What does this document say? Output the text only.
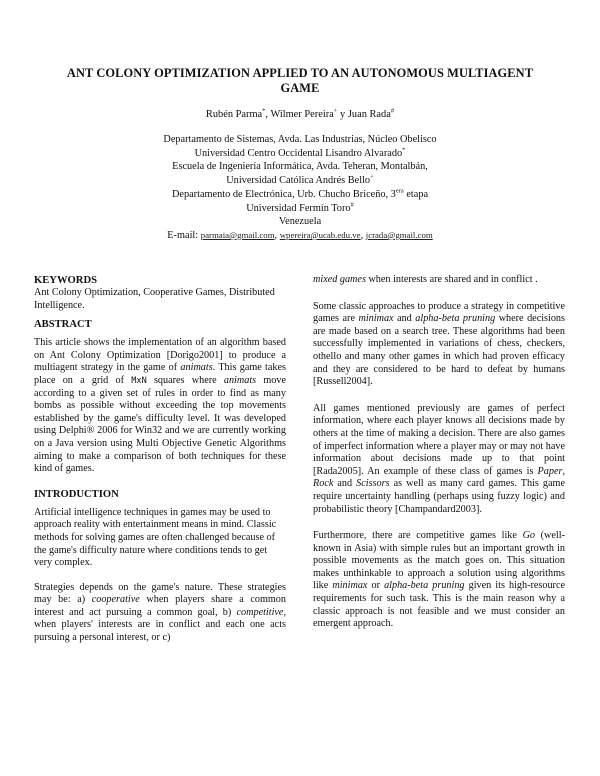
ANT COLONY OPTIMIZATION APPLIED TO AN AUTONOMOUS MULTIAGENT
GAME
Rubén Parma*, Wilmer Pereira+ y Juan Rada#
Departamento de Sistemas, Avda. Las Industrias, Núcleo Obelisco
Universidad Centro Occidental Lisandro Alvarado*
Escuela de Ingeniería Informática, Avda. Teheran, Montalbán,
Universidad Católica Andrés Bello+
Departamento de Electrónica, Urb. Chucho Briceño, $3^{era}$ etapa
Universidad Fermín Toro#
Venezuela
E-mail: parmaia@gmail.com, wpereira@ucab.edu.ve, jcrada@gmail.com

KEYWORDS

Ant Colony Optimization, Cooperative Games, Distributed Intelligence.

ABSTRACT

This article shows the implementation of an algorithm based on Ant Colony Optimization [Dorigo2001] to produce a multiagent strategy in the game of animats. This game takes place on a grid of MxN squares where animats move according to a given set of rules in order to find as many bombs as possible without exceeding the top movements established by the game's difficulty level. It was developed using Delphi® 2006 for Win32 and we are currently working on a Java version using Multi Objective Genetic Algorithms aiming to make a comparison of both techniques for these kind of games.

INTRODUCTION

Artificial intelligence techniques in games may be used to approach reality with entertainment means in mind. Classic methods for solving games are often challenged because of the game's difficulty nature where conditions tends to get very complex.

Strategies depends on the game's nature. These strategies may be: a) cooperative when players share a common interest and act pursuing a common goal, b) competitive, when players' interests are in conflict and each one acts pursuing a personal interest, or c)

mixed games when interests are shared and in conflict .

Some classic approaches to produce a strategy in competitive games are minimax and alpha-beta pruning where decisions are made based on a search tree. These algorithms had been successfully implemented in variations of chess, checkers, othello and many other games in which had proven efficacy and they are considered to be hard to defeat by humans [Russell2004].

All games mentioned previously are games of perfect information, where each player knows all decisions made by others at the time of making a decision. There are also games of imperfect information where a player may or may not have information about decisions made up to that point [Rada2005]. An example of these class of games is Paper, Rock and Scissors as well as many card games. This game require uncertainty handling (perhaps using fuzzy logic) and probabilistic theory [Champandard2003].

Furthermore, there are competitive games like Go (well-known in Asia) with simple rules but an important growth in possible movements as the match goes on. This situation makes unthinkable to approach a solution using algorithms like minimax or alpha-beta pruning given its high-resource requirements for such task. This is the main reason why a classic approach is not feasible and we must consider an emergent approach.
